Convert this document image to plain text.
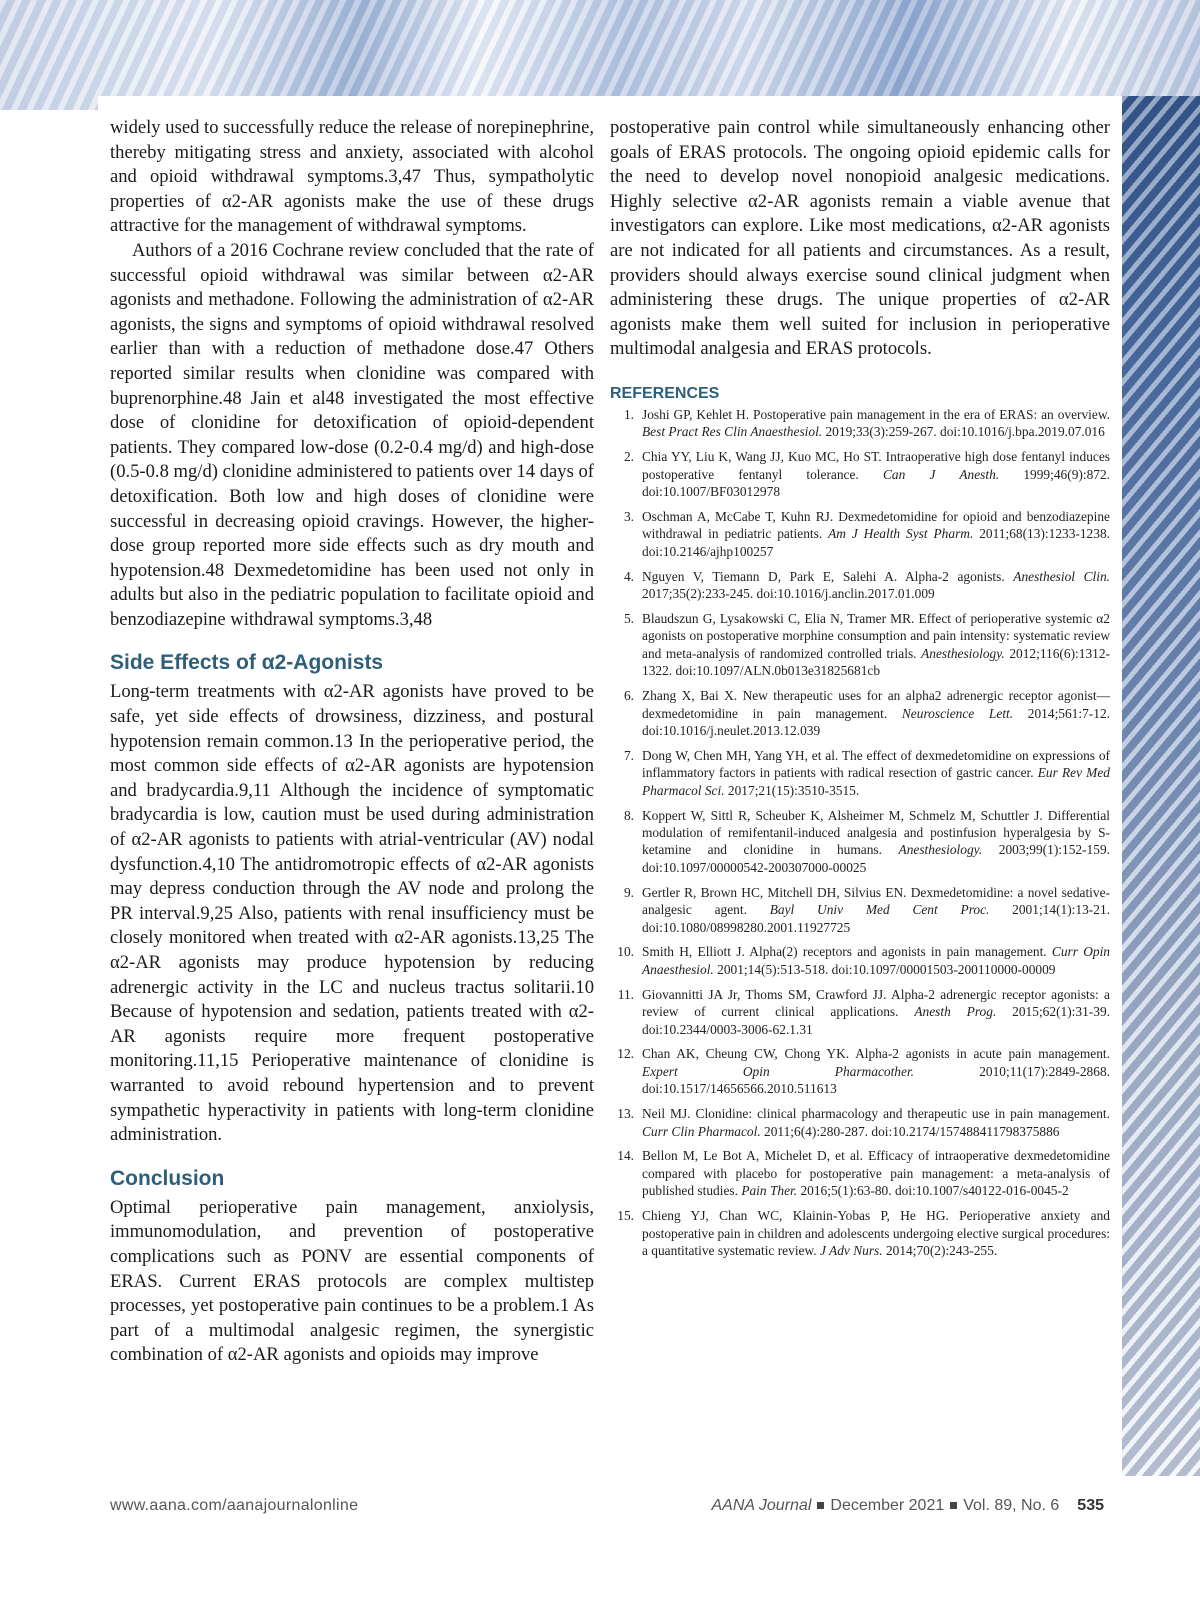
widely used to successfully reduce the release of norepinephrine, thereby mitigating stress and anxiety, associated with alcohol and opioid withdrawal symptoms.3,47 Thus, sympatholytic properties of α2-AR agonists make the use of these drugs attractive for the management of withdrawal symptoms.

Authors of a 2016 Cochrane review concluded that the rate of successful opioid withdrawal was similar between α2-AR agonists and methadone. Following the administration of α2-AR agonists, the signs and symptoms of opioid withdrawal resolved earlier than with a reduction of methadone dose.47 Others reported similar results when clonidine was compared with buprenorphine.48 Jain et al48 investigated the most effective dose of clonidine for detoxification of opioid-dependent patients. They compared low-dose (0.2-0.4 mg/d) and high-dose (0.5-0.8 mg/d) clonidine administered to patients over 14 days of detoxification. Both low and high doses of clonidine were successful in decreasing opioid cravings. However, the higher-dose group reported more side effects such as dry mouth and hypotension.48 Dexmedetomidine has been used not only in adults but also in the pediatric population to facilitate opioid and benzodiazepine withdrawal symptoms.3,48

Side Effects of α2-Agonists

Long-term treatments with α2-AR agonists have proved to be safe, yet side effects of drowsiness, dizziness, and postural hypotension remain common.13 In the perioperative period, the most common side effects of α2-AR agonists are hypotension and bradycardia.9,11 Although the incidence of symptomatic bradycardia is low, caution must be used during administration of α2-AR agonists to patients with atrial-ventricular (AV) nodal dysfunction.4,10 The antidromotropic effects of α2-AR agonists may depress conduction through the AV node and prolong the PR interval.9,25 Also, patients with renal insufficiency must be closely monitored when treated with α2-AR agonists.13,25 The α2-AR agonists may produce hypotension by reducing adrenergic activity in the LC and nucleus tractus solitarii.10 Because of hypotension and sedation, patients treated with α2-AR agonists require more frequent postoperative monitoring.11,15 Perioperative maintenance of clonidine is warranted to avoid rebound hypertension and to prevent sympathetic hyperactivity in patients with long-term clonidine administration.

Conclusion

Optimal perioperative pain management, anxiolysis, immunomodulation, and prevention of postoperative complications such as PONV are essential components of ERAS. Current ERAS protocols are complex multistep processes, yet postoperative pain continues to be a problem.1 As part of a multimodal analgesic regimen, the synergistic combination of α2-AR agonists and opioids may improve

postoperative pain control while simultaneously enhancing other goals of ERAS protocols. The ongoing opioid epidemic calls for the need to develop novel nonopioid analgesic medications. Highly selective α2-AR agonists remain a viable avenue that investigators can explore. Like most medications, α2-AR agonists are not indicated for all patients and circumstances. As a result, providers should always exercise sound clinical judgment when administering these drugs. The unique properties of α2-AR agonists make them well suited for inclusion in perioperative multimodal analgesia and ERAS protocols.

REFERENCES
1. Joshi GP, Kehlet H. Postoperative pain management in the era of ERAS: an overview. Best Pract Res Clin Anaesthesiol. 2019;33(3):259-267. doi:10.1016/j.bpa.2019.07.016
2. Chia YY, Liu K, Wang JJ, Kuo MC, Ho ST. Intraoperative high dose fentanyl induces postoperative fentanyl tolerance. Can J Anesth. 1999;46(9):872. doi:10.1007/BF03012978
3. Oschman A, McCabe T, Kuhn RJ. Dexmedetomidine for opioid and benzodiazepine withdrawal in pediatric patients. Am J Health Syst Pharm. 2011;68(13):1233-1238. doi:10.2146/ajhp100257
4. Nguyen V, Tiemann D, Park E, Salehi A. Alpha-2 agonists. Anesthesiol Clin. 2017;35(2):233-245. doi:10.1016/j.anclin.2017.01.009
5. Blaudszun G, Lysakowski C, Elia N, Tramer MR. Effect of perioperative systemic α2 agonists on postoperative morphine consumption and pain intensity: systematic review and meta-analysis of randomized controlled trials. Anesthesiology. 2012;116(6):1312-1322. doi:10.1097/ALN.0b013e31825681cb
6. Zhang X, Bai X. New therapeutic uses for an alpha2 adrenergic receptor agonist—dexmedetomidine in pain management. Neuroscience Lett. 2014;561:7-12. doi:10.1016/j.neulet.2013.12.039
7. Dong W, Chen MH, Yang YH, et al. The effect of dexmedetomidine on expressions of inflammatory factors in patients with radical resection of gastric cancer. Eur Rev Med Pharmacol Sci. 2017;21(15):3510-3515.
8. Koppert W, Sittl R, Scheuber K, Alsheimer M, Schmelz M, Schuttler J. Differential modulation of remifentanil-induced analgesia and postinfusion hyperalgesia by S-ketamine and clonidine in humans. Anesthesiology. 2003;99(1):152-159. doi:10.1097/00000542-200307000-00025
9. Gertler R, Brown HC, Mitchell DH, Silvius EN. Dexmedetomidine: a novel sedative-analgesic agent. Bayl Univ Med Cent Proc. 2001;14(1):13-21. doi:10.1080/08998280.2001.11927725
10. Smith H, Elliott J. Alpha(2) receptors and agonists in pain management. Curr Opin Anaesthesiol. 2001;14(5):513-518. doi:10.1097/00001503-200110000-00009
11. Giovannitti JA Jr, Thoms SM, Crawford JJ. Alpha-2 adrenergic receptor agonists: a review of current clinical applications. Anesth Prog. 2015;62(1):31-39. doi:10.2344/0003-3006-62.1.31
12. Chan AK, Cheung CW, Chong YK. Alpha-2 agonists in acute pain management. Expert Opin Pharmacother. 2010;11(17):2849-2868. doi:10.1517/14656566.2010.511613
13. Neil MJ. Clonidine: clinical pharmacology and therapeutic use in pain management. Curr Clin Pharmacol. 2011;6(4):280-287. doi:10.2174/157488411798375886
14. Bellon M, Le Bot A, Michelet D, et al. Efficacy of intraoperative dexmedetomidine compared with placebo for postoperative pain management: a meta-analysis of published studies. Pain Ther. 2016;5(1):63-80. doi:10.1007/s40122-016-0045-2
15. Chieng YJ, Chan WC, Klainin-Yobas P, He HG. Perioperative anxiety and postoperative pain in children and adolescents undergoing elective surgical procedures: a quantitative systematic review. J Adv Nurs. 2014;70(2):243-255.
www.aana.com/aanajournalonline	AANA Journal December 2021 Vol. 89, No. 6 535
